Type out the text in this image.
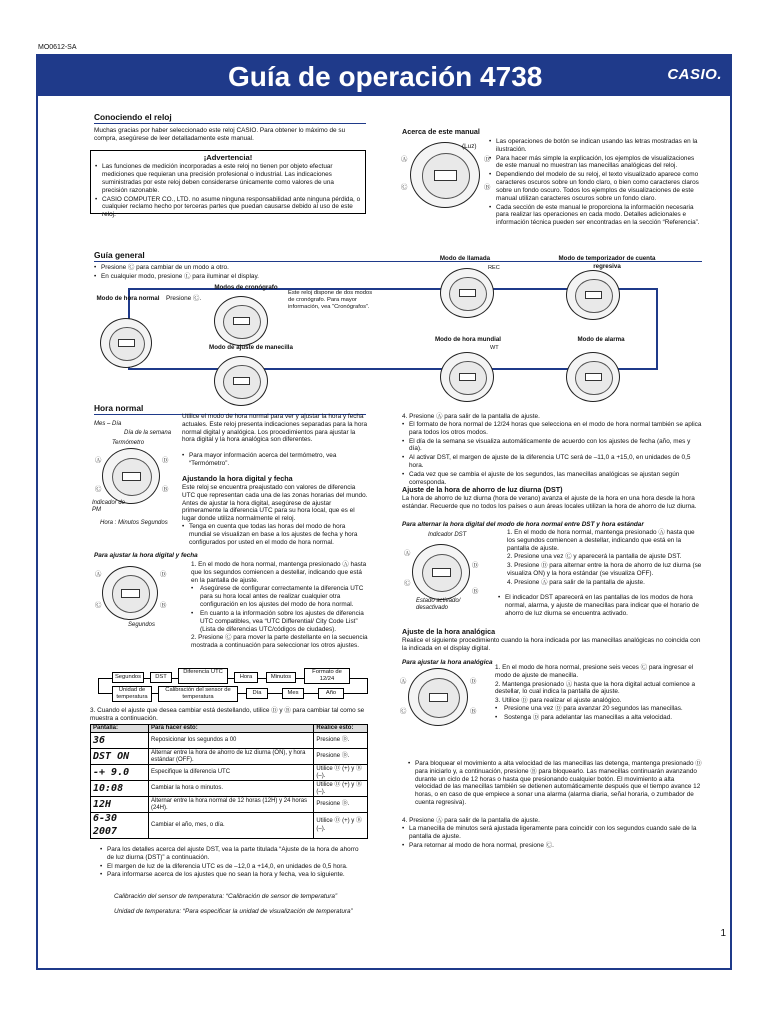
MO0612-SA
Guía de operación 4738	CASIO.
Conociendo el reloj
Muchas gracias por haber seleccionado este reloj CASIO. Para obtener lo máximo de su compra, asegúrese de leer detalladamente este manual.
¡Advertencia!
• Las funciones de medición incorporadas a este reloj no tienen por objeto efectuar mediciones que requieran una precisión profesional o industrial. Las indicaciones suministradas por este reloj deben considerarse únicamente como valores de una precisión razonable.
• CASIO COMPUTER CO., LTD. no asume ninguna responsabilidad ante ninguna pérdida, o cualquier reclamo hecho por terceras partes que puedan causarse debido al uso de este reloj.
Acerca de este manual
(Luz)
Ⓐ	Ⓓ
Ⓒ	Ⓑ
• Las operaciones de botón se indican usando las letras mostradas en la ilustración.
• Para hacer más simple la explicación, los ejemplos de visualizaciones de este manual no muestran las manecillas analógicas del reloj.
• Dependiendo del modelo de su reloj, el texto visualizado aparece como caracteres oscuros sobre un fondo claro, o bien como caracteres claros sobre un fondo oscuro. Todos los ejemplos de visualizaciones de este manual utilizan caracteres oscuros sobre un fondo claro.
• Cada sección de este manual le proporciona la información necesaria para realizar las operaciones en cada modo. Detalles adicionales e información técnica pueden ser encontradas en la sección “Referencia”.
Guía general
• Presione Ⓒ para cambiar de un modo a otro.
• En cualquier modo, presione Ⓛ para iluminar el display.
Modo de hora normal Presione Ⓒ.
Modos de cronógrafo
Este reloj dispone de dos modos de cronógrafo. Para mayor información, vea “Cronógrafos”.
Modo de llamada
REC
Modo de temporizador de cuenta regresiva
Modo de ajuste de manecilla
Modo de hora mundial
WT
Modo de alarma
Hora normal
Mes – Día
Día de la semana
Termómetro
Ⓐ	Ⓓ
Ⓒ	Ⓑ
Indicador de PM
Hora : Minutos Segundos
Utilice el modo de hora normal para ver y ajustar la hora y fecha actuales. Este reloj presenta indicaciones separadas para la hora normal digital y analógica. Los procedimientos para ajustar la hora digital y la hora analógica son diferentes.
• Para mayor información acerca del termómetro, vea “Termómetro”.
Ajustando la hora digital y fecha
Este reloj se encuentra preajustado con valores de diferencia UTC que representan cada una de las zonas horarias del mundo. Antes de ajustar la hora digital, asegúrese de ajustar primeramente la diferencia UTC para su hora local, que es el lugar donde utiliza normalmente el reloj.
• Tenga en cuenta que todas las horas del modo de hora mundial se visualizan en base a los ajustes de fecha y hora configurados por usted en el modo de hora normal.
Para ajustar la hora digital y fecha
Ⓐ	Ⓓ
Ⓒ	Ⓑ
Segundos
1. En el modo de hora normal, mantenga presionado Ⓐ hasta que los segundos comiencen a destellar, indicando que está en la pantalla de ajuste.
• Asegúrese de configurar correctamente la diferencia UTC para su hora local antes de realizar cualquier otra configuración en los ajustes del modo de hora normal.
• En cuanto a la información sobre los ajustes de diferencia UTC compatibles, vea “UTC Differential/ City Code List” (Lista de diferencias UTC/códigos de ciudades).
2. Presione Ⓒ para mover la parte destellante en la secuencia mostrada a continuación para seleccionar los otros ajustes.
Segundos	DST
Diferencia UTC
Hora	Minutos
Formato de 12/24
Unidad de temperatura
Calibración del sensor de temperatura
Día	Mes	Año
3. Cuando el ajuste que desea cambiar está destellando, utilice Ⓓ y Ⓑ para cambiar tal como se muestra a continuación.
Pantalla:	Para hacer esto:	Realice esto:
36	Reposicionar los segundos a 00	Presione Ⓓ.
DST ON	Alternar entre la hora de ahorro de luz diurna (ON), y hora estándar (OFF).	Presione Ⓓ.
-+ 9.0	Especifique la diferencia UTC	Utilice Ⓓ (+) y Ⓑ (–).
10:08	Cambiar la hora o minutos.	Utilice Ⓓ (+) y Ⓑ (–).
12H	Alternar entre la hora normal de 12 horas (12H) y 24 horas (24H).	Presione Ⓓ.
6-30 2007	Cambiar el año, mes, o día.	Utilice Ⓓ (+) y Ⓑ (–).
• Para los detalles acerca del ajuste DST, vea la parte titulada “Ajuste de la hora de ahorro de luz diurna (DST)” a continuación.
• El margen de luz de la diferencia UTC es de –12,0 a +14,0, en unidades de 0,5 hora.
• Para informarse acerca de los ajustes que no sean la hora y fecha, vea lo siguiente.
Calibración del sensor de temperatura: “Calibración de sensor de temperatura”
Unidad de temperatura: “Para especificar la unidad de visualización de temperatura”
4. Presione Ⓐ para salir de la pantalla de ajuste.
• El formato de hora normal de 12/24 horas que selecciona en el modo de hora normal también se aplica para todos los otros modos.
• El día de la semana se visualiza automáticamente de acuerdo con los ajustes de fecha (año, mes y día).
• Al activar DST, el margen de ajuste de la diferencia UTC será de –11,0 a +15,0, en unidades de 0,5 hora.
• Cada vez que se cambia el ajuste de los segundos, las manecillas analógicas se ajustan según corresponda.
Ajuste de la hora de ahorro de luz diurna (DST)
La hora de ahorro de luz diurna (hora de verano) avanza el ajuste de la hora en una hora desde la hora estándar. Recuerde que no todos los países o aun áreas locales utilizan la hora de ahorro de luz diurna.
Para alternar la hora digital del modo de hora normal entre DST y hora estándar
Indicador DST
Ⓐ
Ⓓ
Ⓒ
Ⓑ
Estado activado/ desactivado
1. En el modo de hora normal, mantenga presionado Ⓐ hasta que los segundos comiencen a destellar, indicando que está en la pantalla de ajuste.
2. Presione una vez Ⓒ y aparecerá la pantalla de ajuste DST.
3. Presione Ⓓ para alternar entre la hora de ahorro de luz diurna (se visualiza ON) y la hora estándar (se visualiza OFF).
4. Presione Ⓐ para salir de la pantalla de ajuste.
• El indicador DST aparecerá en las pantallas de los modos de hora normal, alarma, y ajuste de manecillas para indicar que el horario de ahorro de luz diurna se encuentra activado.
Ajuste de la hora analógica
Realice el siguiente procedimiento cuando la hora indicada por las manecillas analógicas no coincida con la indicada en el display digital.
Para ajustar la hora analógica
Ⓐ	Ⓓ
Ⓒ	Ⓑ
1. En el modo de hora normal, presione seis veces Ⓒ para ingresar el modo de ajuste de manecilla.
2. Mantenga presionado Ⓐ hasta que la hora digital actual comience a destellar, lo cual indica la pantalla de ajuste.
3. Utilice Ⓓ para realizar el ajuste analógico.
• Presione una vez Ⓓ para avanzar 20 segundos las manecillas.
• Sostenga Ⓓ para adelantar las manecillas a alta velocidad.
• Para bloquear el movimiento a alta velocidad de las manecillas las detenga, mantenga presionado Ⓓ para iniciarlo y, a continuación, presione Ⓑ para bloquearlo. Las manecillas continuarán avanzando durante un ciclo de 12 horas o hasta que presionando cualquier botón. El movimiento a alta velocidad de las manecillas también se detienen automáticamente después que el tiempo avance 12 horas, o en caso de que empiece a sonar una alarma (alarma diaria, señal horaria, o zumbador de cuenta regresiva).
4. Presione Ⓐ para salir de la pantalla de ajuste.
• La manecilla de minutos será ajustada ligeramente para coincidir con los segundos cuando sale de la pantalla de ajuste.
• Para retornar al modo de hora normal, presione Ⓒ.
1
